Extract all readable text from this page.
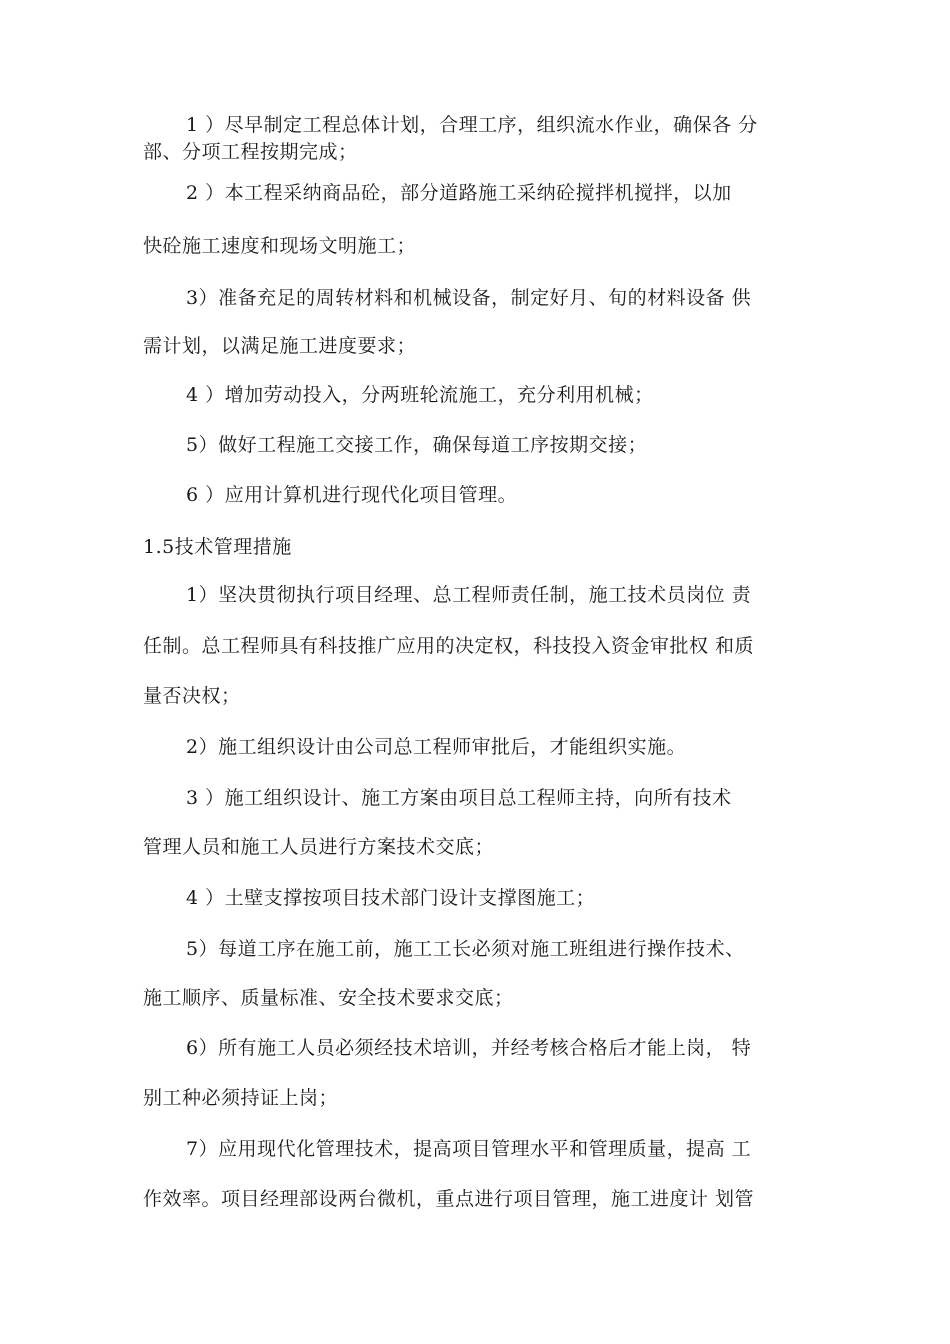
1 ）尽早制定工程总体计划，合理工序，组织流水作业，确保各 分
部、分项工程按期完成；
2 ）本工程采纳商品砼，部分道路施工采纳砼搅拌机搅拌，以加
快砼施工速度和现场文明施工；
3）准备充足的周转材料和机械设备，制定好月、旬的材料设备 供
需计划，以满足施工进度要求；
4 ）增加劳动投入，分两班轮流施工，充分利用机械；
5）做好工程施工交接工作，确保每道工序按期交接；
6 ）应用计算机进行现代化项目管理。
1.5技术管理措施
1）坚决贯彻执行项目经理、总工程师责任制，施工技术员岗位 责
任制。总工程师具有科技推广应用的决定权，科技投入资金审批权 和质
量否决权；
2）施工组织设计由公司总工程师审批后，才能组织实施。
3 ）施工组织设计、施工方案由项目总工程师主持，向所有技术
管理人员和施工人员进行方案技术交底；
4 ）土壁支撑按项目技术部门设计支撑图施工；
5）每道工序在施工前，施工工长必须对施工班组进行操作技术、
施工顺序、质量标准、安全技术要求交底；
6）所有施工人员必须经技术培训，并经考核合格后才能上岗， 特
别工种必须持证上岗；
7）应用现代化管理技术，提高项目管理水平和管理质量，提高 工
作效率。项目经理部设两台微机，重点进行项目管理，施工进度计 划管
